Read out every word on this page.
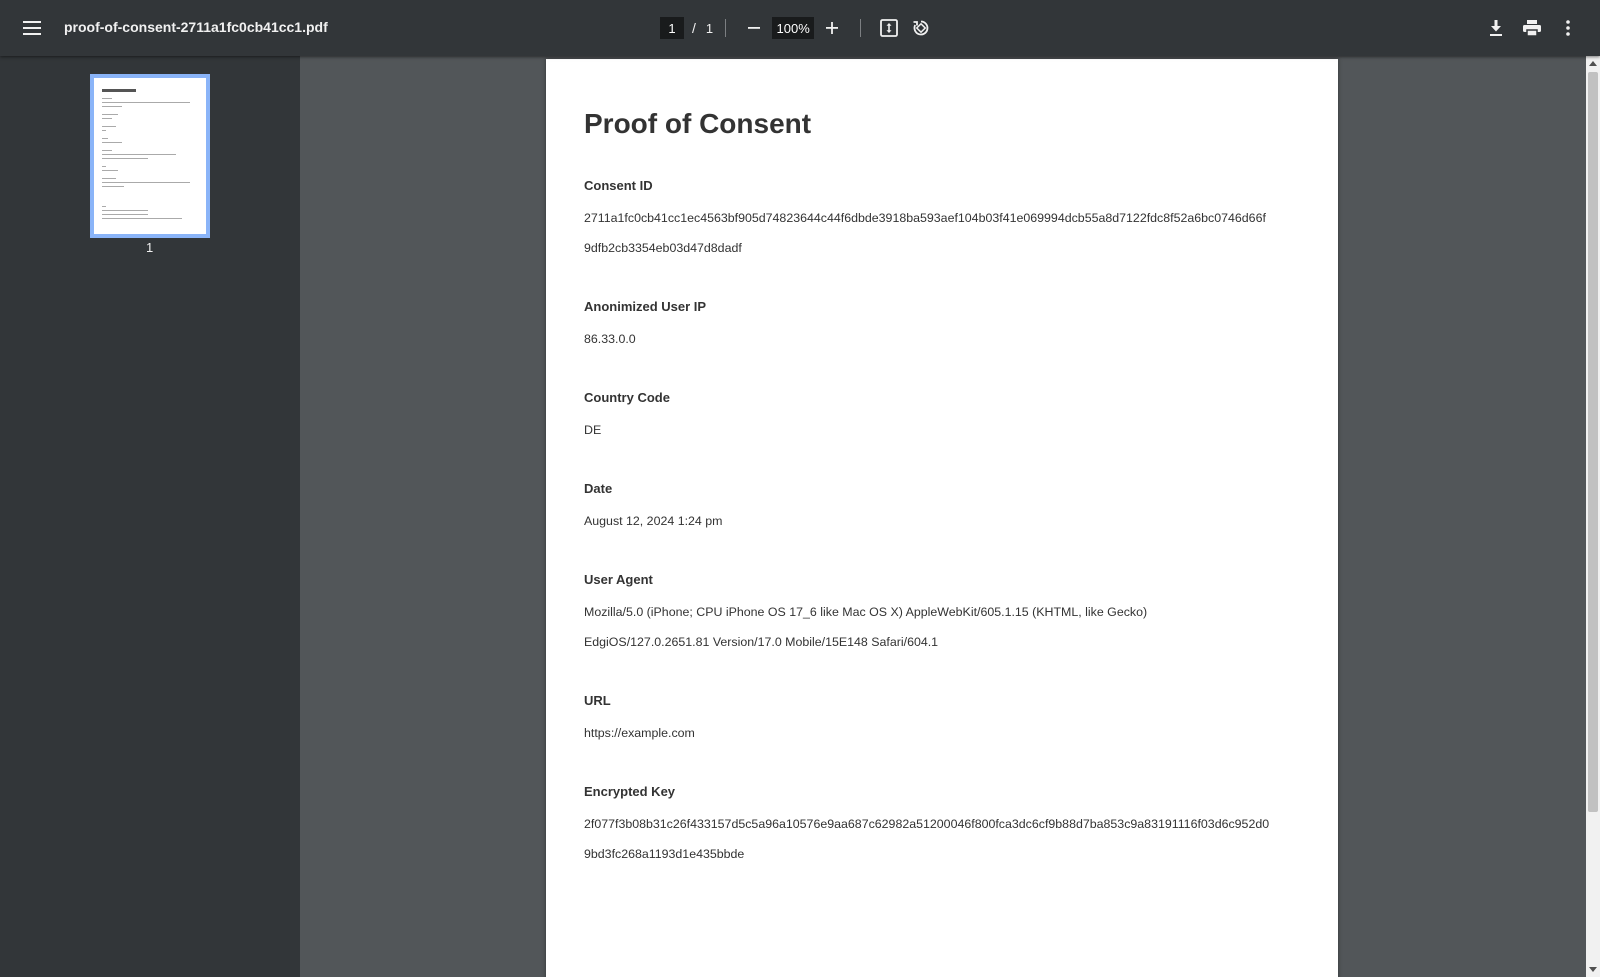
proof-of-consent-2711a1fc0cb41cc1.pdf
1	/ 1
100%
1
Proof of Consent
Consent ID
2711a1fc0cb41cc1ec4563bf905d74823644c44f6dbde3918ba593aef104b03f41e069994dcb55a8d7122fdc8f52a6bc0746d66f
9dfb2cb3354eb03d47d8dadf
Anonimized User IP
86.33.0.0
Country Code
DE
Date
August 12, 2024 1:24 pm
User Agent
Mozilla/5.0 (iPhone; CPU iPhone OS 17_6 like Mac OS X) AppleWebKit/605.1.15 (KHTML, like Gecko)
EdgiOS/127.0.2651.81 Version/17.0 Mobile/15E148 Safari/604.1
URL
https://example.com
Encrypted Key
2f077f3b08b31c26f433157d5c5a96a10576e9aa687c62982a51200046f800fca3dc6cf9b88d7ba853c9a83191116f03d6c952d0
9bd3fc268a1193d1e435bbde
